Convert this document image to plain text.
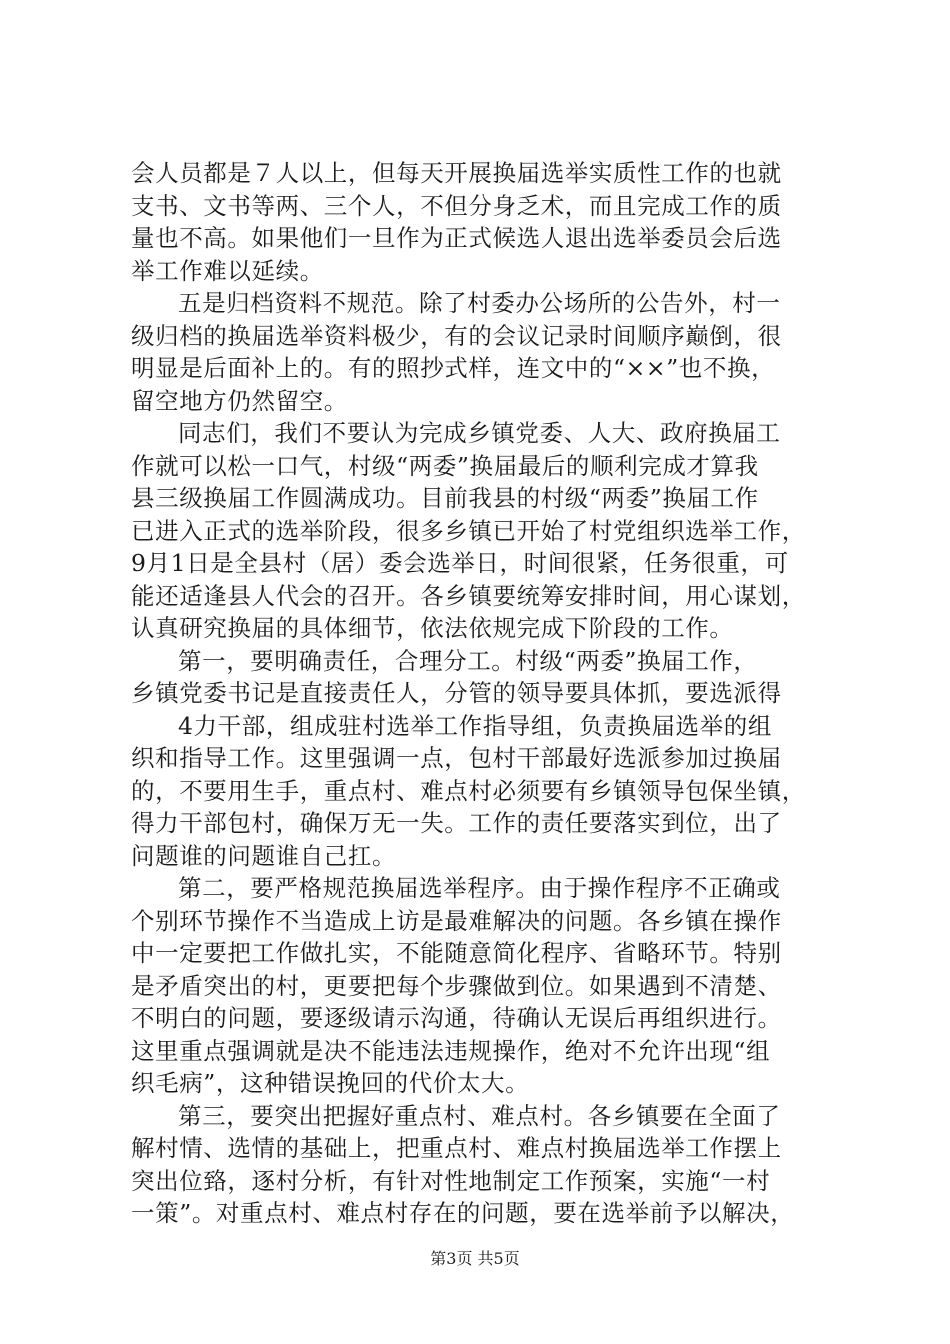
会人员都是７人以上，但每天开展换届选举实质性工作的也就
支书、文书等两、三个人，不但分身乏术，而且完成工作的质
量也不高。如果他们一旦作为正式候选人退出选举委员会后选
举工作难以延续。
五是归档资料不规范。除了村委办公场所的公告外，村一
级归档的换届选举资料极少，有的会议记录时间顺序巅倒，很
明显是后面补上的。有的照抄式样，连文中的“××”也不换，
留空地方仍然留空。
同志们，我们不要认为完成乡镇党委、人大、政府换届工
作就可以松一口气，村级“两委”换届最后的顺利完成才算我
县三级换届工作圆满成功。目前我县的村级“两委”换届工作
已进入正式的选举阶段，很多乡镇已开始了村党组织选举工作，
9月1日是全县村（居）委会选举日，时间很紧，任务很重，可
能还适逢县人代会的召开。各乡镇要统筹安排时间，用心谋划，
认真研究换届的具体细节，依法依规完成下阶段的工作。
第一，要明确责任，合理分工。村级“两委”换届工作，
乡镇党委书记是直接责任人，分管的领导要具体抓，要选派得
4力干部，组成驻村选举工作指导组，负责换届选举的组
织和指导工作。这里强调一点，包村干部最好选派参加过换届
的，不要用生手，重点村、难点村必须要有乡镇领导包保坐镇，
得力干部包村，确保万无一失。工作的责任要落实到位，出了
问题谁的问题谁自己扛。
第二，要严格规范换届选举程序。由于操作程序不正确或
个别环节操作不当造成上访是最难解决的问题。各乡镇在操作
中一定要把工作做扎实，不能随意简化程序、省略环节。特别
是矛盾突出的村，更要把每个步骤做到位。如果遇到不清楚、
不明白的问题，要逐级请示沟通，待确认无误后再组织进行。
这里重点强调就是决不能违法违规操作，绝对不允许出现“组
织毛病”，这种错误挽回的代价太大。
第三，要突出把握好重点村、难点村。各乡镇要在全面了
解村情、选情的基础上，把重点村、难点村换届选举工作摆上
突出位臵，逐村分析，有针对性地制定工作预案，实施“一村
一策”。对重点村、难点村存在的问题，要在选举前予以解决，
第3页 共5页
